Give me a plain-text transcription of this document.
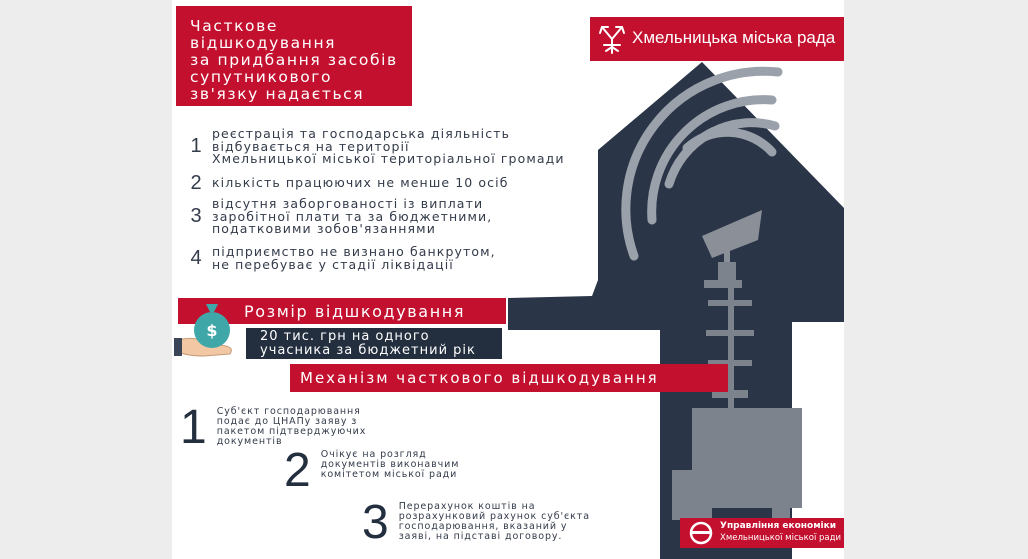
Часткове відшкодування
за придбання засобів
супутникового
зв'язку надається якщо:
Хмельницька міська рада
1
реєстрація та господарська діяльність
відбувається на території
Хмельницької міської територіальної громади
2 кількість працюючих не менше 10 осіб
3
відсутня заборгованості із виплати
заробітної плати та за бюджетними,
податковими зобов'язаннями
4 підприємство не визнано банкрутом,
не перебуває у стадії ліквідації
Розмір відшкодування
$	20 тис. грн на одного
учасника за бюджетний рік
Механізм часткового відшкодування
1 Суб'єкт господарювання
подає до ЦНАПу заяву з
пакетом підтверджуючих
документів
2 Очікує на розгляд
документів виконавчим
комітетом міської ради
3 Перерахунок коштів на
розрахунковий рахунок суб'єкта
господарювання, вказаний у
заяві, на підставі договору.
Управління економіки
Хмельницької міської ради
